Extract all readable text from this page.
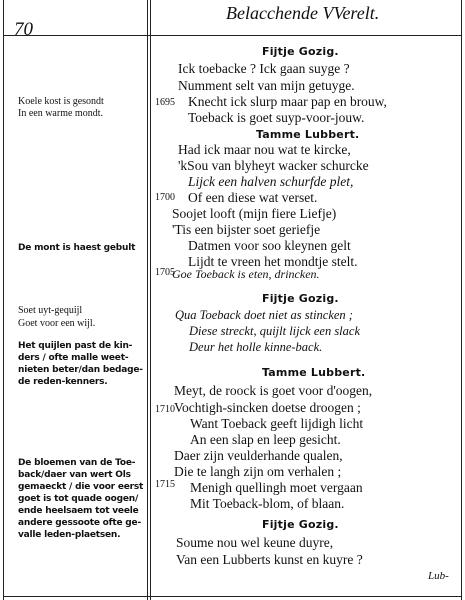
70
Belacchende VVerelt.
Koele kost is gesondt
In een warme mondt.
De mont is haest gebult
Soet uyt-gequijl
Goet voor een wijl.
Het quijlen past de kin-
ders / ofte malle weet-
nieten beter/dan bedage-
de reden-kenners.
De bloemen van de Toe-
back/daer van wert Ols
gemaeckt / die voor eerst
goet is tot quade oogen/
ende heelsaem tot veele
andere gessoote ofte ge-
valle leden-plaetsen.
1695
1700
1705
1710
1715
Fijtje Gozig.
Ick toebacke ? Ick gaan suyge ?
Numment selt van mijn getuyge.
Knecht ick slurp maar pap en brouw,
Toeback is goet suyp-voor-jouw.
Tamme Lubbert.
Had ick maar nou wat te kircke,
'kSou van blyheyt wacker schurcke
Lijck een halven schurfde plet,
Of een diese wat verset.
Soojet looft (mijn fiere Liefje)
'Tis een bijster soet geriefje
Datmen voor soo kleynen gelt
Lijdt te vreen het mondtje stelt.
Goe Toeback is eten, drincken.
Fijtje Gozig.
Qua Toeback doet niet as stincken ;
Diese streckt, quijlt lijck een slack
Deur het holle kinne-back.
Tamme Lubbert.
Meyt, de roock is goet voor d'oogen,
Vochtigh-sincken doetse droogen ;
Want Toeback geeft lijdigh licht
An een slap en leep gesicht.
Daer zijn veulderhande qualen,
Die te langh zijn om verhalen ;
Menigh quellingh moet vergaan
Mit Toeback-blom, of blaan.
Fijtje Gozig.
Soume nou wel keune duyre,
Van een Lubberts kunst en kuyre ?
Lub-
